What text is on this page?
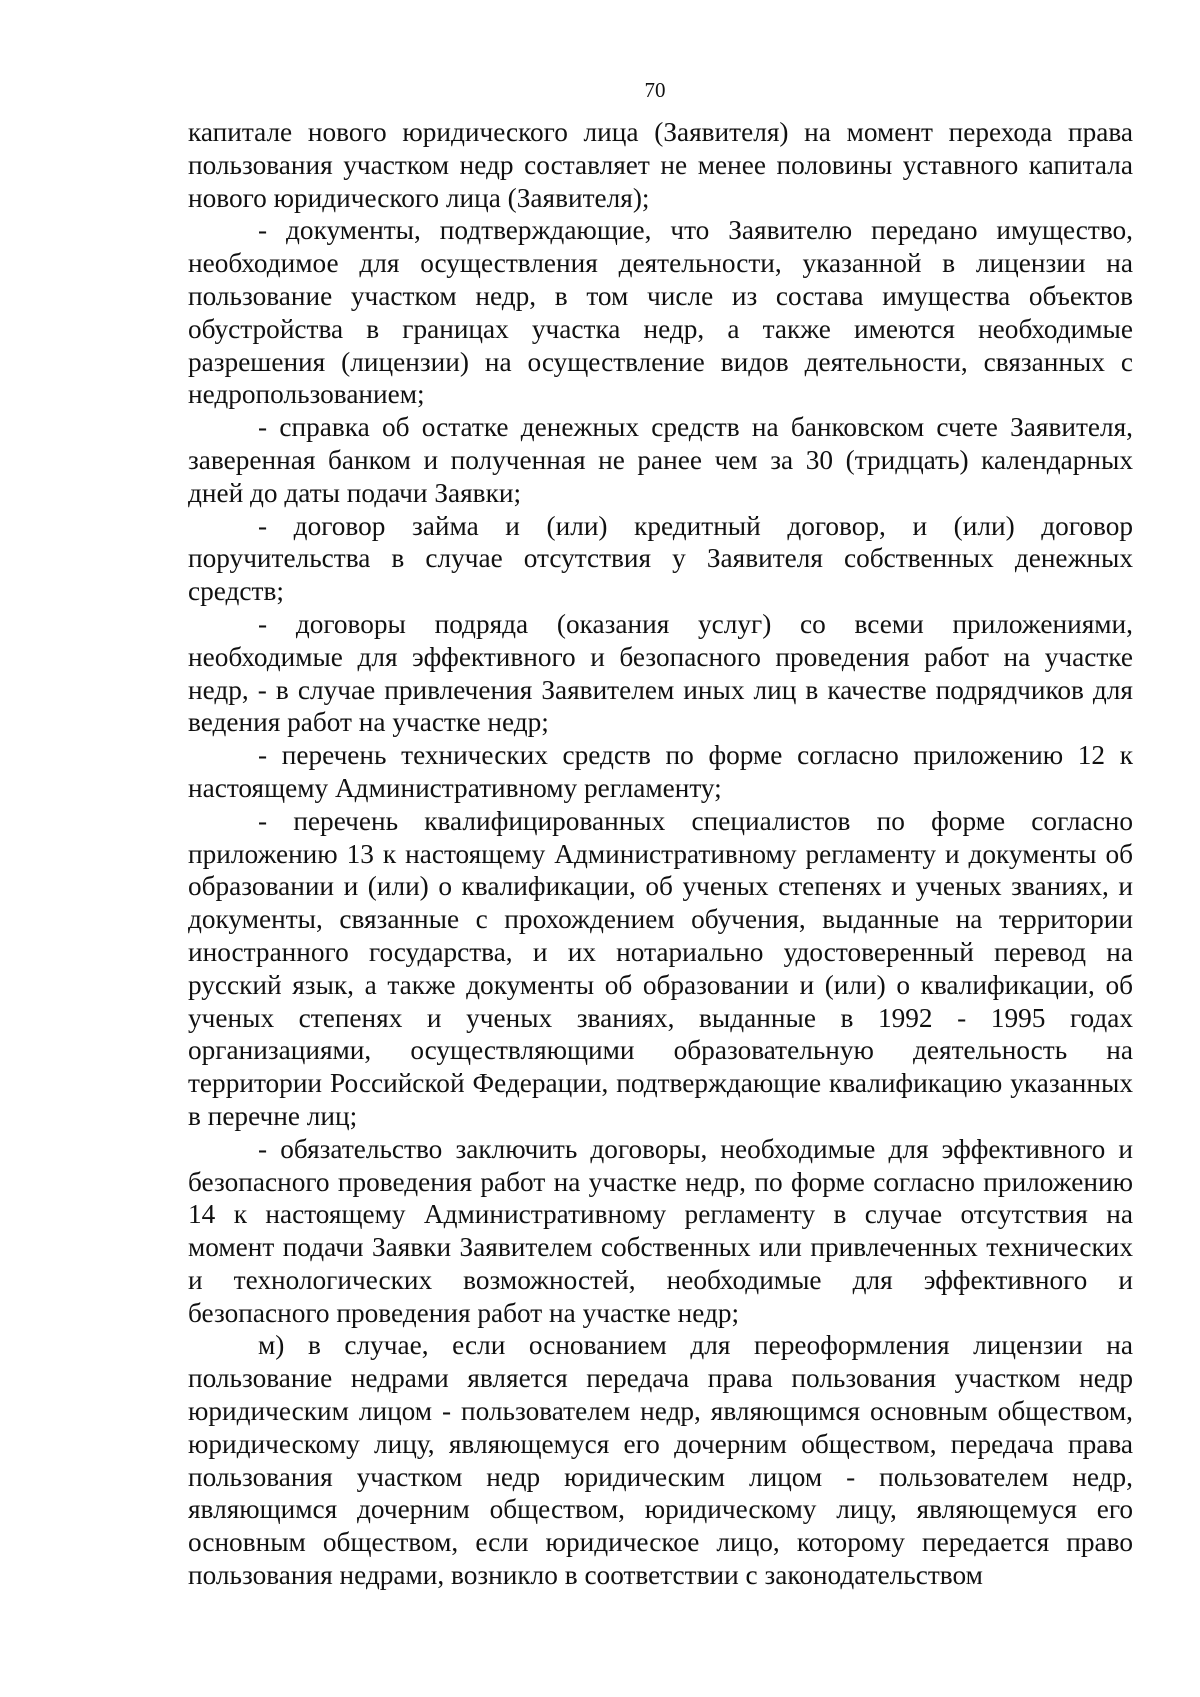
70

капитале нового юридического лица (Заявителя) на момент перехода права пользования участком недр составляет не менее половины уставного капитала нового юридического лица (Заявителя);

- документы, подтверждающие, что Заявителю передано имущество, необходимое для осуществления деятельности, указанной в лицензии на пользование участком недр, в том числе из состава имущества объектов обустройства в границах участка недр, а также имеются необходимые разрешения (лицензии) на осуществление видов деятельности, связанных с недропользованием;

- справка об остатке денежных средств на банковском счете Заявителя, заверенная банком и полученная не ранее чем за 30 (тридцать) календарных дней до даты подачи Заявки;

- договор займа и (или) кредитный договор, и (или) договор поручительства в случае отсутствия у Заявителя собственных денежных средств;

- договоры подряда (оказания услуг) со всеми приложениями, необходимые для эффективного и безопасного проведения работ на участке недр, - в случае привлечения Заявителем иных лиц в качестве подрядчиков для ведения работ на участке недр;

- перечень технических средств по форме согласно приложению 12 к настоящему Административному регламенту;

- перечень квалифицированных специалистов по форме согласно приложению 13 к настоящему Административному регламенту и документы об образовании и (или) о квалификации, об ученых степенях и ученых званиях, и документы, связанные с прохождением обучения, выданные на территории иностранного государства, и их нотариально удостоверенный перевод на русский язык, а также документы об образовании и (или) о квалификации, об ученых степенях и ученых званиях, выданные в 1992 - 1995 годах организациями, осуществляющими образовательную деятельность на территории Российской Федерации, подтверждающие квалификацию указанных в перечне лиц;

- обязательство заключить договоры, необходимые для эффективного и безопасного проведения работ на участке недр, по форме согласно приложению 14 к настоящему Административному регламенту в случае отсутствия на момент подачи Заявки Заявителем собственных или привлеченных технических и технологических возможностей, необходимые для эффективного и безопасного проведения работ на участке недр;

м) в случае, если основанием для переоформления лицензии на пользование недрами является передача права пользования участком недр юридическим лицом - пользователем недр, являющимся основным обществом, юридическому лицу, являющемуся его дочерним обществом, передача права пользования участком недр юридическим лицом - пользователем недр, являющимся дочерним обществом, юридическому лицу, являющемуся его основным обществом, если юридическое лицо, которому передается право пользования недрами, возникло в соответствии с законодательством
